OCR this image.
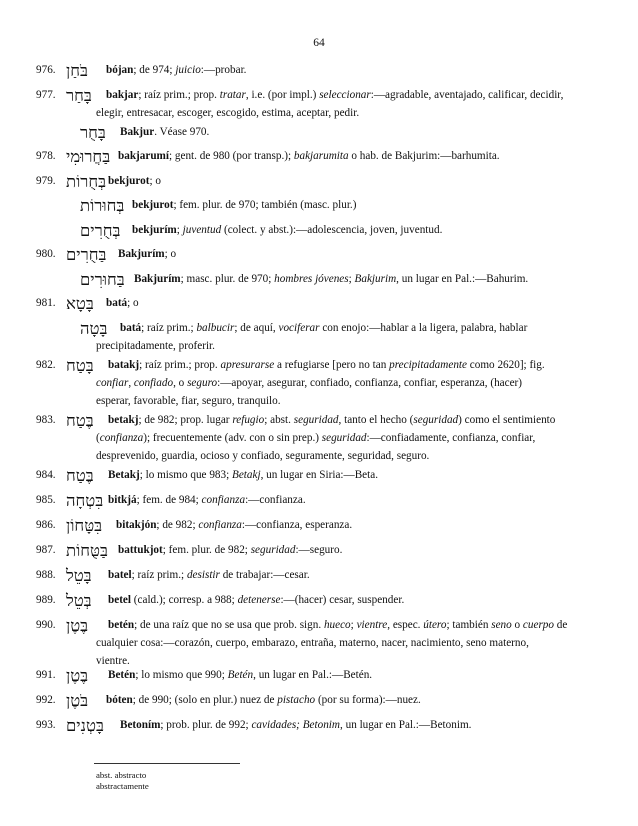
64
976. בֹּחַן bójan; de 974; juicio:—probar.
977. בָּחַר bakjar; raíz prim.; prop. tratar, i.e. (por impl.) seleccionar:—agradable, aventajado, calificar, decidir,
elegir, entresacar, escoger, escogido, estima, aceptar, pedir.
בָּחֻר Bakjur. Véase 970.
978. בַּחֲרוּמִי bakjarumí; gent. de 980 (por transp.); bakjarumita o hab. de Bakjurim:—barhumita.
979. בְּחֻרוֹת bekjurot; o
בְּחוּרוֹת bekjurot; fem. plur. de 970; también (masc. plur.)
בְּחֻרִים bekjurím; juventud (colect. y abst.):—adolescencia, joven, juventud.
980. בַּחֻרִים Bakjurím; o
בַּחוּרִים Bakjurím; masc. plur. de 970; hombres jóvenes; Bakjurim, un lugar en Pal.:—Bahurim.
981. בָּטָא batá; o
בָּטָה batá; raíz prim.; balbucir; de aquí, vociferar con enojo:—hablar a la ligera, palabra, hablar
precipitadamente, proferir.
982. בָּטַח batakj; raíz prim.; prop. apresurarse a refugiarse [pero no tan precipitadamente como 2620]; fig.
confiar, confiado, o seguro:—apoyar, asegurar, confiado, confianza, confiar, esperanza, (hacer)
esperar, favorable, fiar, seguro, tranquilo.
983. בֶּטַח betakj; de 982; prop. lugar refugio; abst. seguridad, tanto el hecho (seguridad) como el sentimiento
(confianza); frecuentemente (adv. con o sin prep.) seguridad:—confiadamente, confianza, confiar,
desprevenido, guardia, ocioso y confiado, seguramente, seguridad, seguro.
984. בֶּטַח Betakj; lo mismo que 983; Betakj, un lugar en Siria:—Beta.
985. בִּטְחָה bitkjá; fem. de 984; confianza:—confianza.
986. בִּטָּחוֹן bitakjón; de 982; confianza:—confianza, esperanza.
987. בַּטֻּחוֹת battukjot; fem. plur. de 982; seguridad:—seguro.
988. בָּטֵל batel; raíz prim.; desistir de trabajar:—cesar.
989. בְּטֵל betel (cald.); corresp. a 988; detenerse:—(hacer) cesar, suspender.
990. בֶּטֶן betén; de una raíz que no se usa que prob. sign. hueco; vientre, espec. útero; también seno o cuerpo de
cualquier cosa:—corazón, cuerpo, embarazo, entraña, materno, nacer, nacimiento, seno materno,
vientre.
991. בֶּטֶן Betén; lo mismo que 990; Betén, un lugar en Pal.:—Betén.
992. בֹּטֶן bóten; de 990; (solo en plur.) nuez de pistacho (por su forma):—nuez.
993. בָּטְנִים Betoním; prob. plur. de 992; cavidades; Betonim, un lugar en Pal.:—Betonim.
abst. abstracto
abstractamente
